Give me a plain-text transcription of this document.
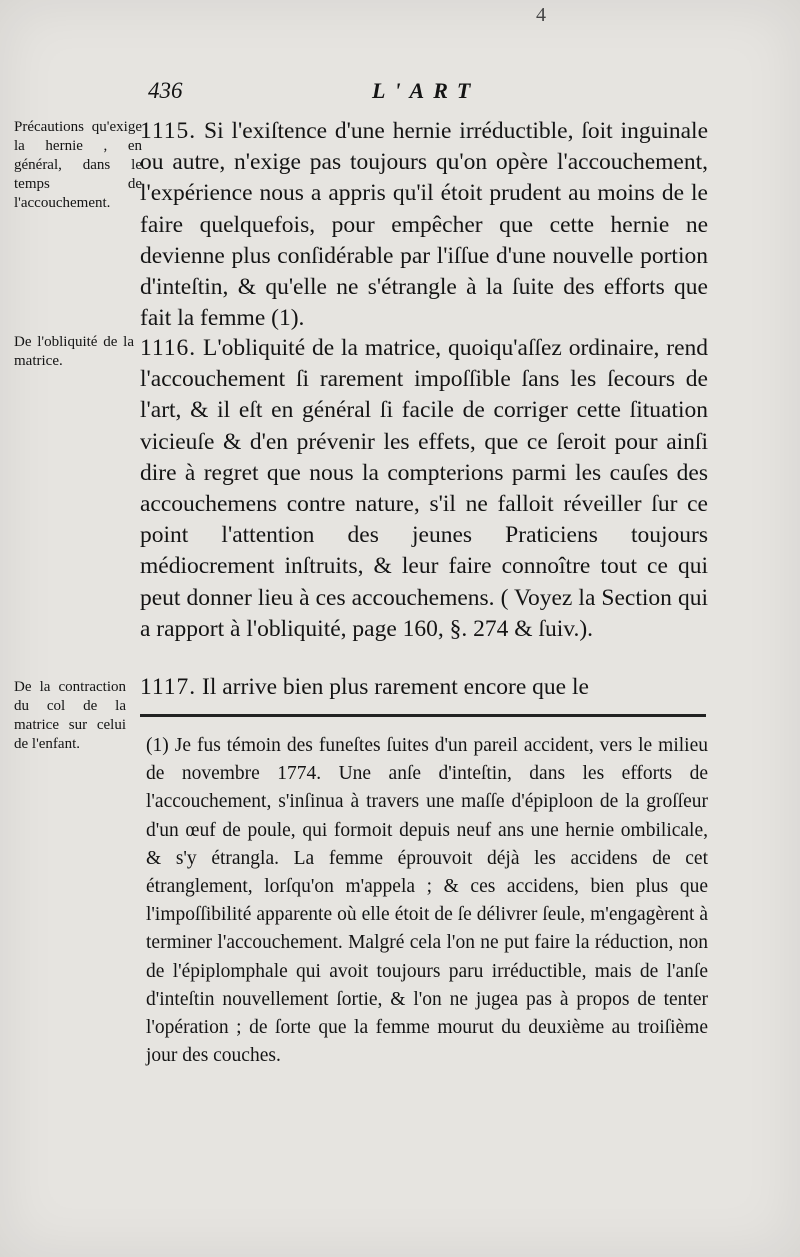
4
436	L'ART
Précautions qu'exige la hernie , en général, dans le temps de l'accouchement.
De l'obliquité de la matrice.
De la contraction du col de la matrice sur celui de l'enfant.

1115. Si l'exiſtence d'une hernie irréductible, ſoit inguinale ou autre, n'exige pas toujours qu'on opère l'accouchement, l'expérience nous a appris qu'il étoit prudent au moins de le faire quelquefois, pour empêcher que cette hernie ne devienne plus conſidérable par l'iſſue d'une nouvelle portion d'inteſtin, & qu'elle ne s'étrangle à la ſuite des efforts que fait la femme (1).

1116. L'obliquité de la matrice, quoiqu'aſſez ordinaire, rend l'accouchement ſi rarement impoſſible ſans les ſecours de l'art, & il eſt en général ſi facile de corriger cette ſituation vicieuſe & d'en prévenir les effets, que ce ſeroit pour ainſi dire à regret que nous la compterions parmi les cauſes des accouchemens contre nature, s'il ne falloit réveiller ſur ce point l'attention des jeunes Praticiens toujours médiocrement inſtruits, & leur faire connoître tout ce qui peut donner lieu à ces accouchemens. ( Voyez la Section qui a rapport à l'obliquité, page 160, §. 274 & ſuiv.).

1117. Il arrive bien plus rarement encore que le

(1) Je fus témoin des funeſtes ſuites d'un pareil accident, vers le milieu de novembre 1774. Une anſe d'inteſtin, dans les efforts de l'accouchement, s'inſinua à travers une maſſe d'épiploon de la groſſeur d'un œuf de poule, qui formoit depuis neuf ans une hernie ombilicale, & s'y étrangla. La femme éprouvoit déjà les accidens de cet étranglement, lorſqu'on m'appela ; & ces accidens, bien plus que l'impoſſibilité apparente où elle étoit de ſe délivrer ſeule, m'engagèrent à terminer l'accouchement. Malgré cela l'on ne put faire la réduction, non de l'épiplomphale qui avoit toujours paru irréductible, mais de l'anſe d'inteſtin nouvellement ſortie, & l'on ne jugea pas à propos de tenter l'opération ; de ſorte que la femme mourut du deuxième au troiſième jour des couches.
